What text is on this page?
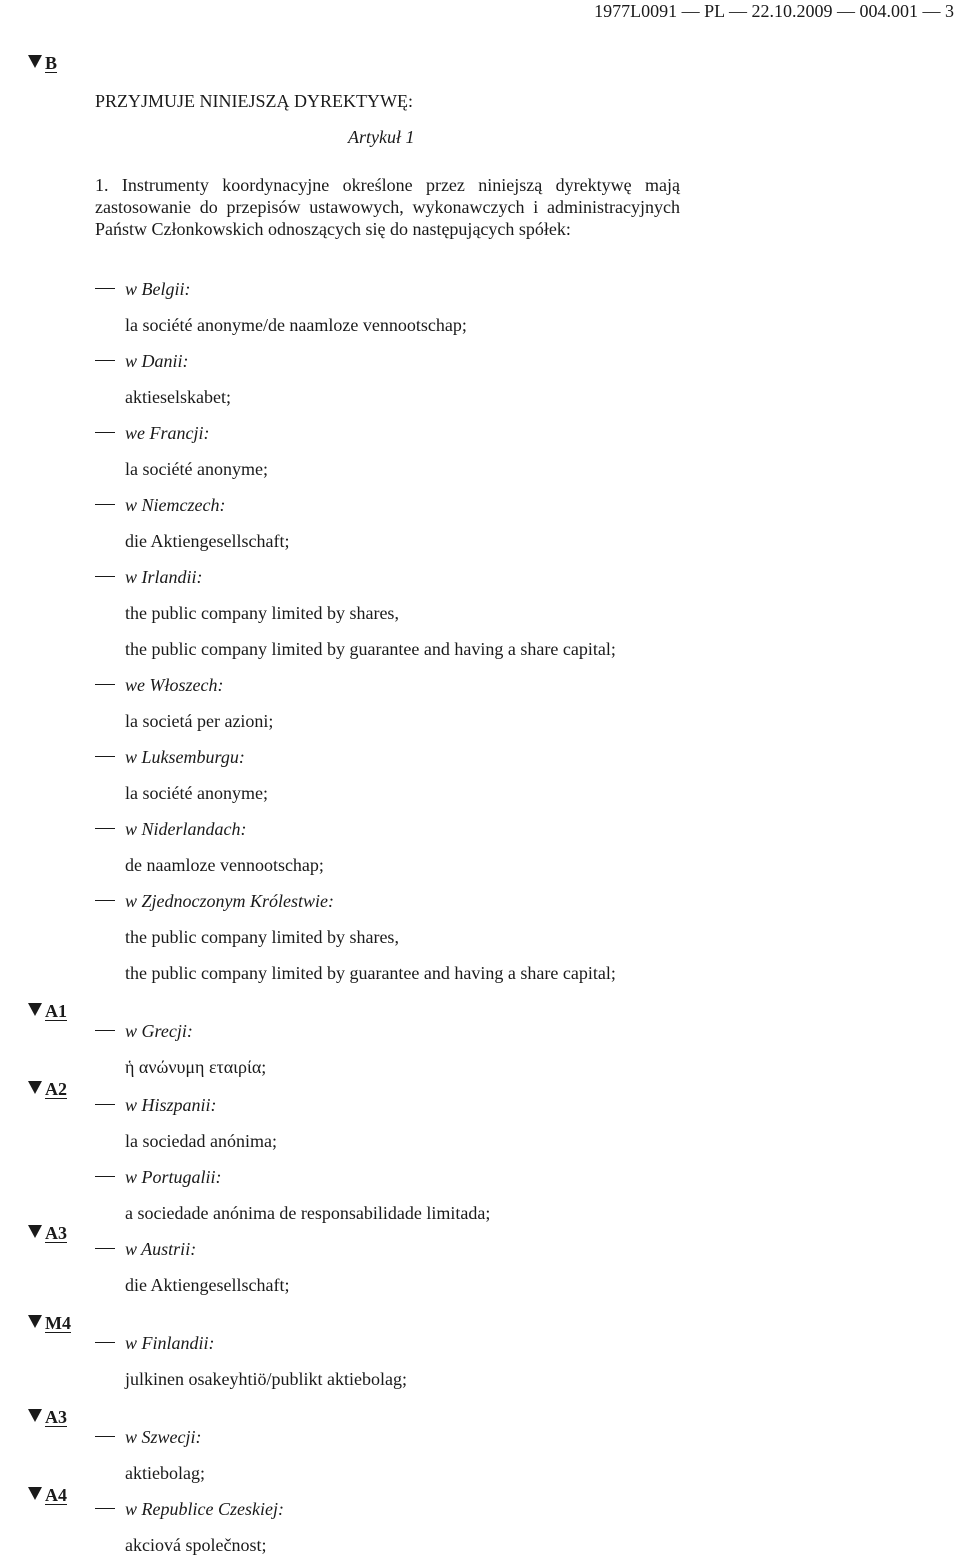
1977L0091 — PL — 22.10.2009 — 004.001 — 3
B
A1
A2
A3
M4
A3
A4
PRZYJMUJE NINIEJSZĄ DYREKTYWĘ:
Artykuł 1
1. Instrumenty koordynacyjne określone przez niniejszą dyrektywę mają zastosowanie do przepisów ustawowych, wykonawczych i administracyjnych Państw Członkowskich odnoszących się do następujących spółek:
w Belgii:
la société anonyme/de naamloze vennootschap;
w Danii:
aktieselskabet;
we Francji:
la société anonyme;
w Niemczech:
die Aktiengesellschaft;
w Irlandii:
the public company limited by shares,
the public company limited by guarantee and having a share capital;
we Włoszech:
la societá per azioni;
w Luksemburgu:
la société anonyme;
w Niderlandach:
de naamloze vennootschap;
w Zjednoczonym Królestwie:
the public company limited by shares,
the public company limited by guarantee and having a share capital;
w Grecji:
ἡ ανώνυμη εταιρία;
w Hiszpanii:
la sociedad anónima;
w Portugalii:
a sociedade anónima de responsabilidade limitada;
w Austrii:
die Aktiengesellschaft;
w Finlandii:
julkinen osakeyhtiö/publikt aktiebolag;
w Szwecji:
aktiebolag;
w Republice Czeskiej:
akciová společnost;
